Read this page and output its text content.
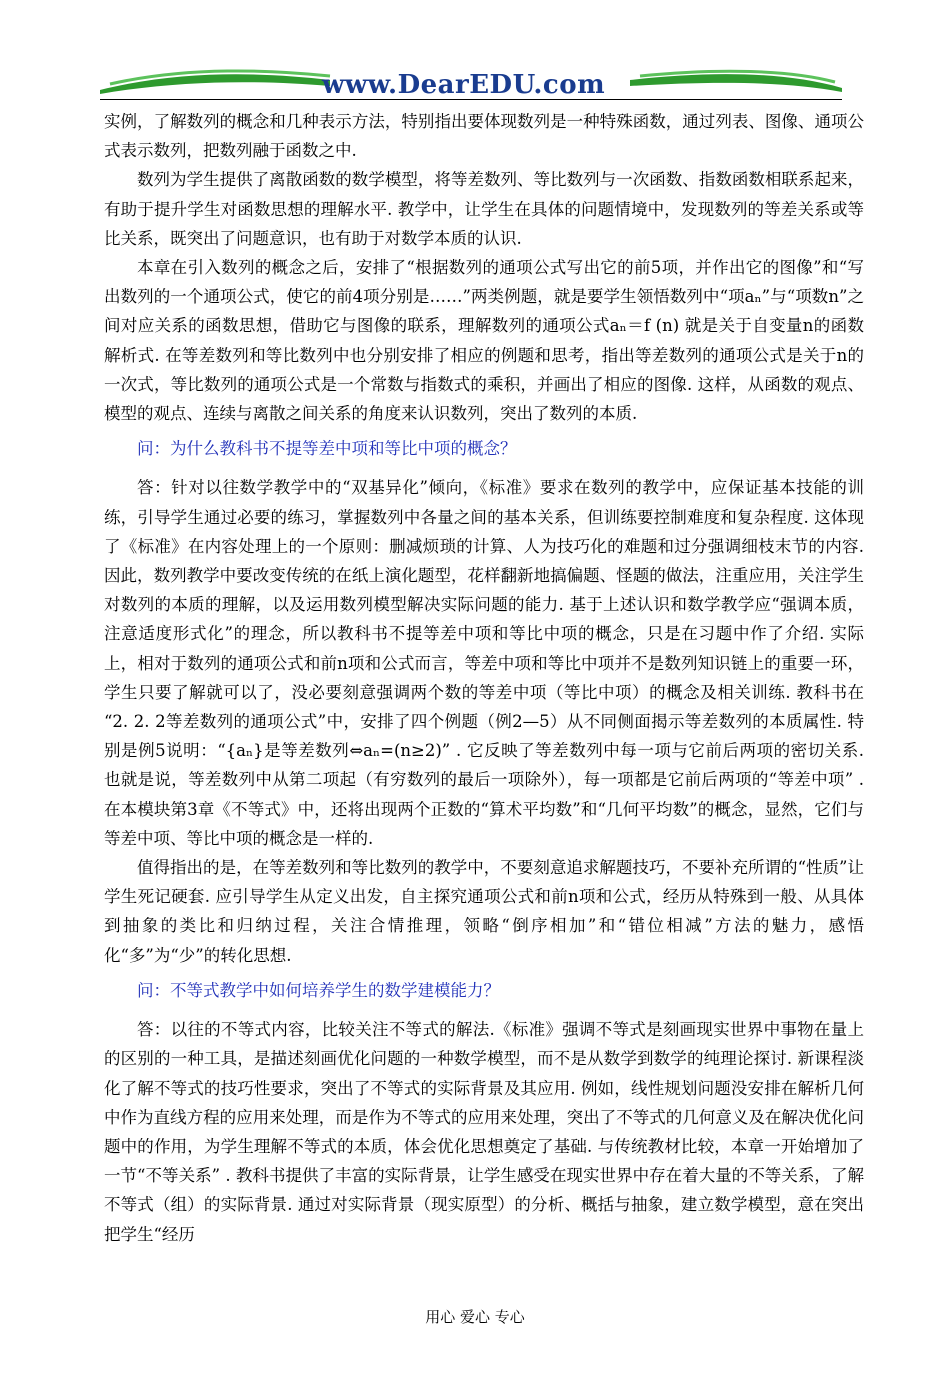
www.DearEDU.com

实例，了解数列的概念和几种表示方法，特别指出要体现数列是一种特殊函数，通过列表、图像、通项公式表示数列，把数列融于函数之中.

数列为学生提供了离散函数的数学模型，将等差数列、等比数列与一次函数、指数函数相联系起来，有助于提升学生对函数思想的理解水平. 教学中，让学生在具体的问题情境中，发现数列的等差关系或等比关系，既突出了问题意识，也有助于对数学本质的认识.

本章在引入数列的概念之后，安排了“根据数列的通项公式写出它的前5项，并作出它的图像”和“写出数列的一个通项公式，使它的前4项分别是……”两类例题，就是要学生领悟数列中“项aₙ”与“项数n”之间对应关系的函数思想，借助它与图像的联系，理解数列的通项公式aₙ＝f (n) 就是关于自变量n的函数解析式. 在等差数列和等比数列中也分别安排了相应的例题和思考，指出等差数列的通项公式是关于n的一次式，等比数列的通项公式是一个常数与指数式的乘积，并画出了相应的图像. 这样，从函数的观点、模型的观点、连续与离散之间关系的角度来认识数列，突出了数列的本质.

问：为什么教科书不提等差中项和等比中项的概念？

答：针对以往数学教学中的“双基异化”倾向，《标准》要求在数列的教学中，应保证基本技能的训练，引导学生通过必要的练习，掌握数列中各量之间的基本关系，但训练要控制难度和复杂程度. 这体现了《标准》在内容处理上的一个原则：删减烦琐的计算、人为技巧化的难题和过分强调细枝末节的内容. 因此，数列教学中要改变传统的在纸上演化题型，花样翻新地搞偏题、怪题的做法，注重应用，关注学生对数列的本质的理解，以及运用数列模型解决实际问题的能力. 基于上述认识和数学教学应“强调本质，注意适度形式化”的理念，所以教科书不提等差中项和等比中项的概念，只是在习题中作了介绍. 实际上，相对于数列的通项公式和前n项和公式而言，等差中项和等比中项并不是数列知识链上的重要一环，学生只要了解就可以了，没必要刻意强调两个数的等差中项（等比中项）的概念及相关训练. 教科书在 “2. 2. 2等差数列的通项公式”中，安排了四个例题（例2—5）从不同侧面揭示等差数列的本质属性. 特别是例5说明：“{aₙ}是等差数列⇔aₙ=(n≥2)” . 它反映了等差数列中每一项与它前后两项的密切关系. 也就是说，等差数列中从第二项起（有穷数列的最后一项除外），每一项都是它前后两项的“等差中项” . 在本模块第3章《不等式》中，还将出现两个正数的“算术平均数”和“几何平均数”的概念，显然，它们与等差中项、等比中项的概念是一样的.

值得指出的是，在等差数列和等比数列的教学中，不要刻意追求解题技巧，不要补充所谓的“性质”让学生死记硬套. 应引导学生从定义出发，自主探究通项公式和前n项和公式，经历从特殊到一般、从具体到抽象的类比和归纳过程，关注合情推理，领略“倒序相加”和“错位相减”方法的魅力，感悟化“多”为“少”的转化思想.

问：不等式教学中如何培养学生的数学建模能力？

答：以往的不等式内容，比较关注不等式的解法.《标准》强调不等式是刻画现实世界中事物在量上的区别的一种工具，是描述刻画优化问题的一种数学模型，而不是从数学到数学的纯理论探讨. 新课程淡化了解不等式的技巧性要求，突出了不等式的实际背景及其应用. 例如，线性规划问题没安排在解析几何中作为直线方程的应用来处理，而是作为不等式的应用来处理，突出了不等式的几何意义及在解决优化问题中的作用，为学生理解不等式的本质，体会优化思想奠定了基础. 与传统教材比较，本章一开始增加了一节“不等关系” . 教科书提供了丰富的实际背景，让学生感受在现实世界中存在着大量的不等关系，了解不等式（组）的实际背景. 通过对实际背景（现实原型）的分析、概括与抽象，建立数学模型，意在突出把学生“经历

用心 爱心 专心
